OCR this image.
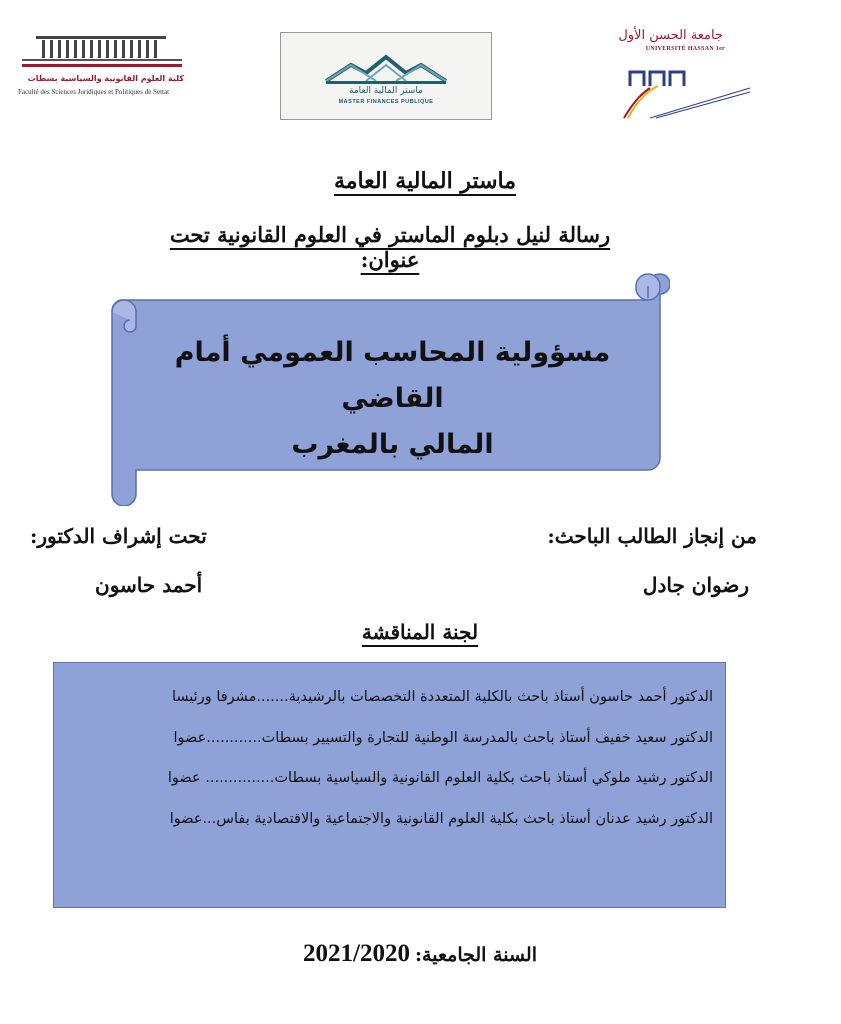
كلية العلوم القانونية والسياسية بسطات
Faculté des Sciences Juridiques et Politiques de Settat	ماستر المالية العامة
MASTER FINANCES PUBLIQUE
جامعة الحسن الأول
UNIVERSITÉ HASSAN 1er
ماستر المالية العامة
رسالة لنيل دبلوم الماستر في العلوم القانونية تحت عنوان:
مسؤولية المحاسب العمومي أمام القاضي
المالي بالمغرب
من إنجاز الطالب الباحث:
رضوان جادل
تحت إشراف الدكتور:
أحمد حاسون
لجنة المناقشة
الدكتور أحمد حاسون أستاذ باحث بالكلية المتعددة التخصصات بالرشيدية.......مشرفا ورئيسا
الدكتور سعيد خفيف أستاذ باحث بالمدرسة الوطنية للتجارة والتسيير بسطات............عضوا
الدكتور رشيد ملوكي أستاذ باحث بكلية العلوم القانونية والسياسية بسطات............... عضوا
الدكتور رشيد عدنان أستاذ باحث بكلية العلوم القانونية والاجتماعية والاقتصادية بفاس...عضوا
السنة الجامعية: 2021/2020
